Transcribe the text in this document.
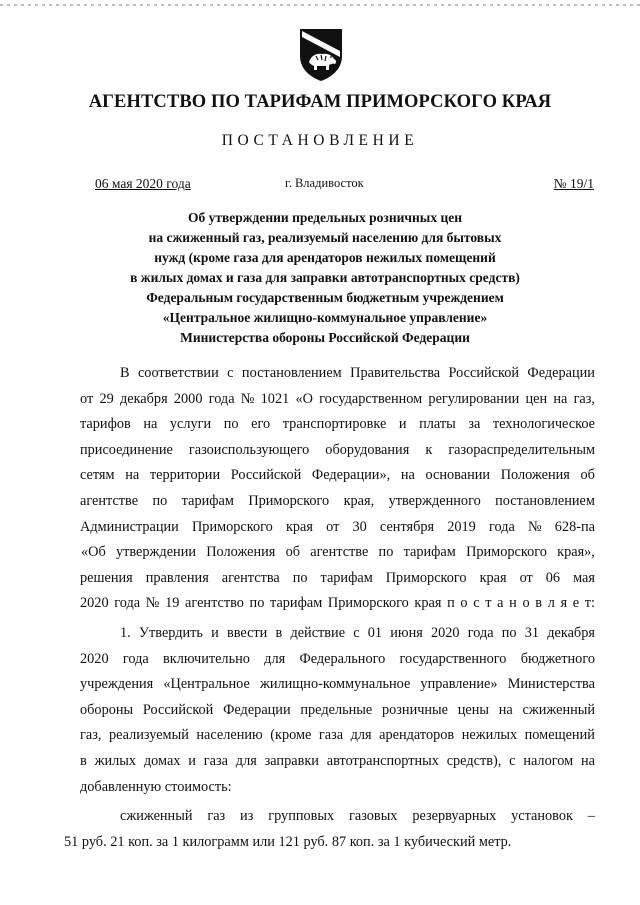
АГЕНТСТВО ПО ТАРИФАМ ПРИМОРСКОГО КРАЯ
ПОСТАНОВЛЕНИЕ
06 мая 2020 года	г. Владивосток	№ 19/1
Об утверждении предельных розничных цен
на сжиженный газ, реализуемый населению для бытовых
нужд (кроме газа для арендаторов нежилых помещений
в жилых домах и газа для заправки автотранспортных средств)
Федеральным государственным бюджетным учреждением
«Центральное жилищно-коммунальное управление»
Министерства обороны Российской Федерации
В соответствии с постановлением Правительства Российской Федерации
от 29 декабря 2000 года № 1021 «О государственном регулировании цен на газ,
тарифов на услуги по его транспортировке и платы за технологическое
присоединение газоиспользующего оборудования к газораспределительным
сетям на территории Российской Федерации», на основании Положения об
агентстве по тарифам Приморского края, утвержденного постановлением
Администрации Приморского края от 30 сентября 2019 года № 628-па
«Об утверждении Положения об агентстве по тарифам Приморского края»,
решения правления агентства по тарифам Приморского края от 06 мая
2020 года № 19 агентство по тарифам Приморского края п о с т а н о в л я е т:
1. Утвердить и ввести в действие с 01 июня 2020 года по 31 декабря
2020 года включительно для Федерального государственного бюджетного
учреждения «Центральное жилищно-коммунальное управление» Министерства
обороны Российской Федерации предельные розничные цены на сжиженный
газ, реализуемый населению (кроме газа для арендаторов нежилых помещений
в жилых домах и газа для заправки автотранспортных средств), с налогом на
добавленную стоимость:
сжиженный газ из групповых газовых резервуарных установок –
51 руб. 21 коп. за 1 килограмм или 121 руб. 87 коп. за 1 кубический метр.
